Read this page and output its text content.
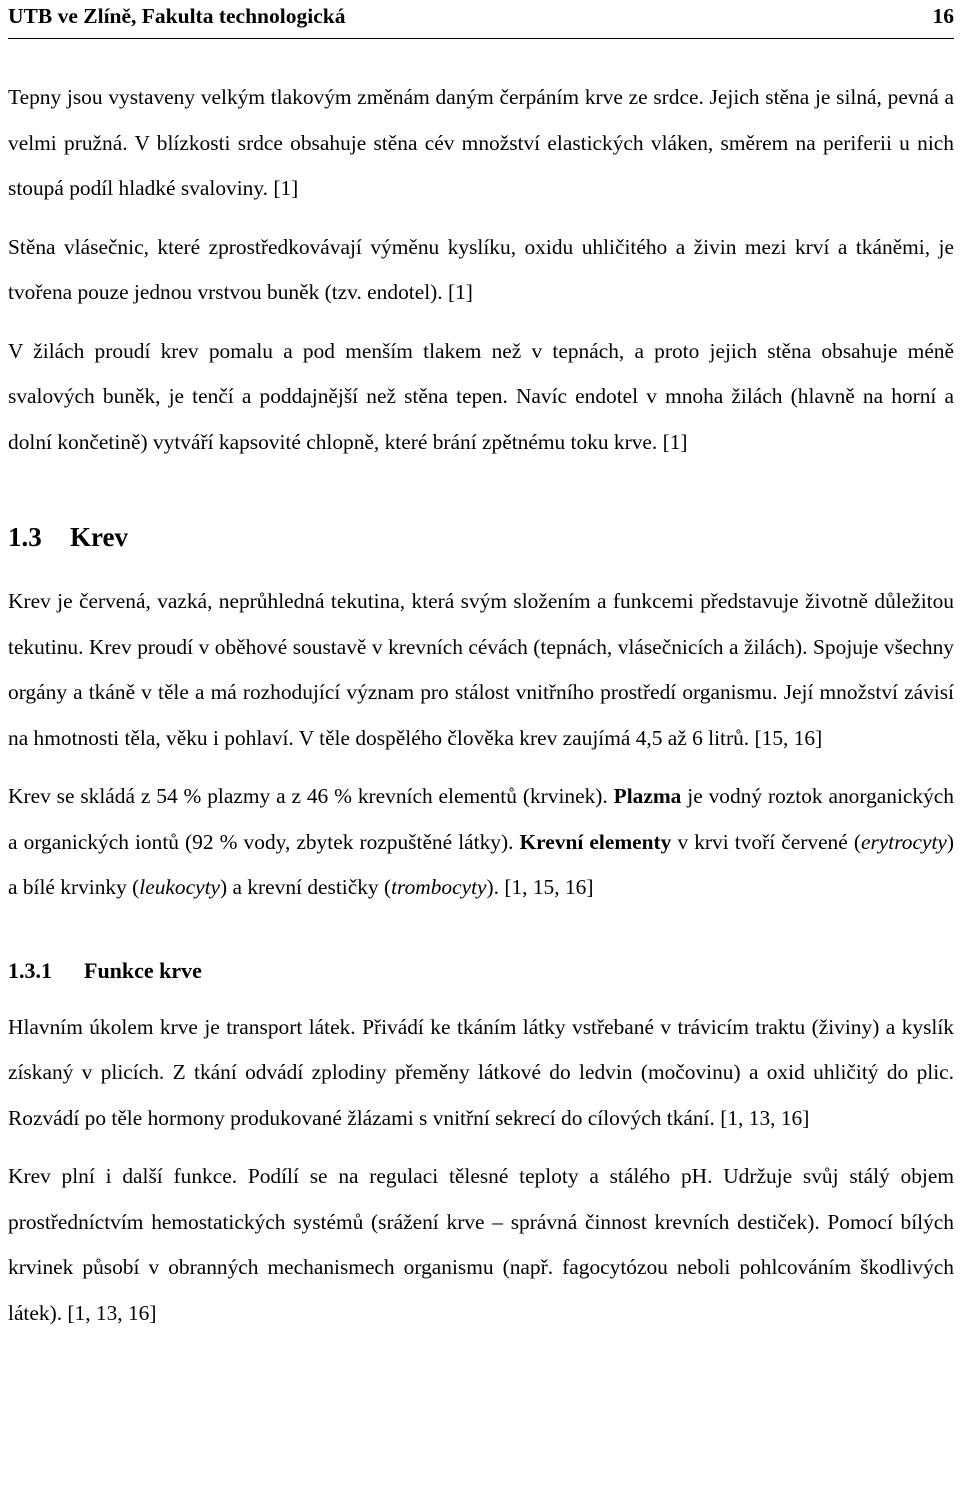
UTB ve Zlíně, Fakulta technologická	16

Tepny jsou vystaveny velkým tlakovým změnám daným čerpáním krve ze srdce. Jejich stěna je silná, pevná a velmi pružná. V blízkosti srdce obsahuje stěna cév množství elastických vláken, směrem na periferii u nich stoupá podíl hladké svaloviny. [1]

Stěna vlásečnic, které zprostředkovávají výměnu kyslíku, oxidu uhličitého a živin mezi krví a tkáněmi, je tvořena pouze jednou vrstvou buněk (tzv. endotel). [1]

V žilách proudí krev pomalu a pod menším tlakem než v tepnách, a proto jejich stěna obsahuje méně svalových buněk, je tenčí a poddajnější než stěna tepen. Navíc endotel v mnoha žilách (hlavně na horní a dolní končetině) vytváří kapsovité chlopně, které brání zpětnému toku krve. [1]

1.3 Krev

Krev je červená, vazká, neprůhledná tekutina, která svým složením a funkcemi představuje životně důležitou tekutinu. Krev proudí v oběhové soustavě v krevních cévách (tepnách, vlásečnicích a žilách). Spojuje všechny orgány a tkáně v těle a má rozhodující význam pro stálost vnitřního prostředí organismu. Její množství závisí na hmotnosti těla, věku i pohlaví. V těle dospělého člověka krev zaujímá 4,5 až 6 litrů. [15, 16]

Krev se skládá z 54 % plazmy a z 46 % krevních elementů (krvinek). Plazma je vodný roztok anorganických a organických iontů (92 % vody, zbytek rozpuštěné látky). Krevní elementy v krvi tvoří červené (erytrocyty) a bílé krvinky (leukocyty) a krevní destičky (trombocyty). [1, 15, 16]

1.3.1 Funkce krve

Hlavním úkolem krve je transport látek. Přivádí ke tkáním látky vstřebané v trávicím traktu (živiny) a kyslík získaný v plicích. Z tkání odvádí zplodiny přeměny látkové do ledvin (močovinu) a oxid uhličitý do plic. Rozvádí po těle hormony produkované žlázami s vnitřní sekrecí do cílových tkání. [1, 13, 16]

Krev plní i další funkce. Podílí se na regulaci tělesné teploty a stálého pH. Udržuje svůj stálý objem prostředníctvím hemostatických systémů (srážení krve – správná činnost krevních destiček). Pomocí bílých krvinek působí v obranných mechanismech organismu (např. fagocytózou neboli pohlcováním škodlivých látek). [1, 13, 16]
